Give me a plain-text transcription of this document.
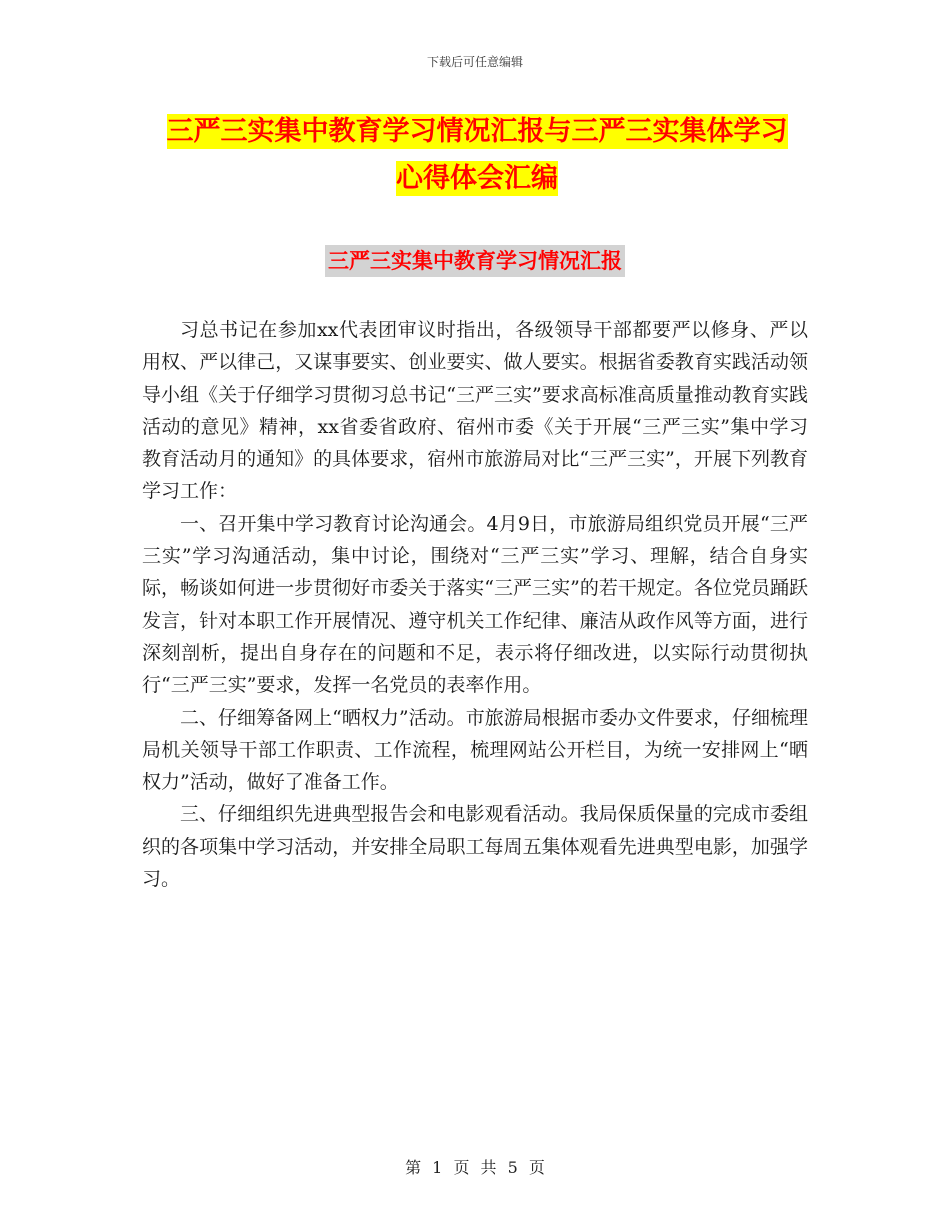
下载后可任意编辑
三严三实集中教育学习情况汇报与三严三实集体学习
心得体会汇编
三严三实集中教育学习情况汇报

习总书记在参加xx代表团审议时指出，各级领导干部都要严以修身、严以用权、严以律己，又谋事要实、创业要实、做人要实。根据省委教育实践活动领导小组《关于仔细学习贯彻习总书记“三严三实”要求高标准高质量推动教育实践活动的意见》精神，xx省委省政府、宿州市委《关于开展“三严三实”集中学习教育活动月的通知》的具体要求，宿州市旅游局对比“三严三实”，开展下列教育学习工作：

一、召开集中学习教育讨论沟通会。4月9日，市旅游局组织党员开展“三严三实”学习沟通活动，集中讨论，围绕对“三严三实”学习、理解，结合自身实际，畅谈如何进一步贯彻好市委关于落实“三严三实”的若干规定。各位党员踊跃发言，针对本职工作开展情况、遵守机关工作纪律、廉洁从政作风等方面，进行深刻剖析，提出自身存在的问题和不足，表示将仔细改进，以实际行动贯彻执行“三严三实”要求，发挥一名党员的表率作用。

二、仔细筹备网上“晒权力”活动。市旅游局根据市委办文件要求，仔细梳理局机关领导干部工作职责、工作流程，梳理网站公开栏目，为统一安排网上“晒权力”活动，做好了准备工作。

三、仔细组织先进典型报告会和电影观看活动。我局保质保量的完成市委组织的各项集中学习活动，并安排全局职工每周五集体观看先进典型电影，加强学习。

第 1 页 共 5 页
